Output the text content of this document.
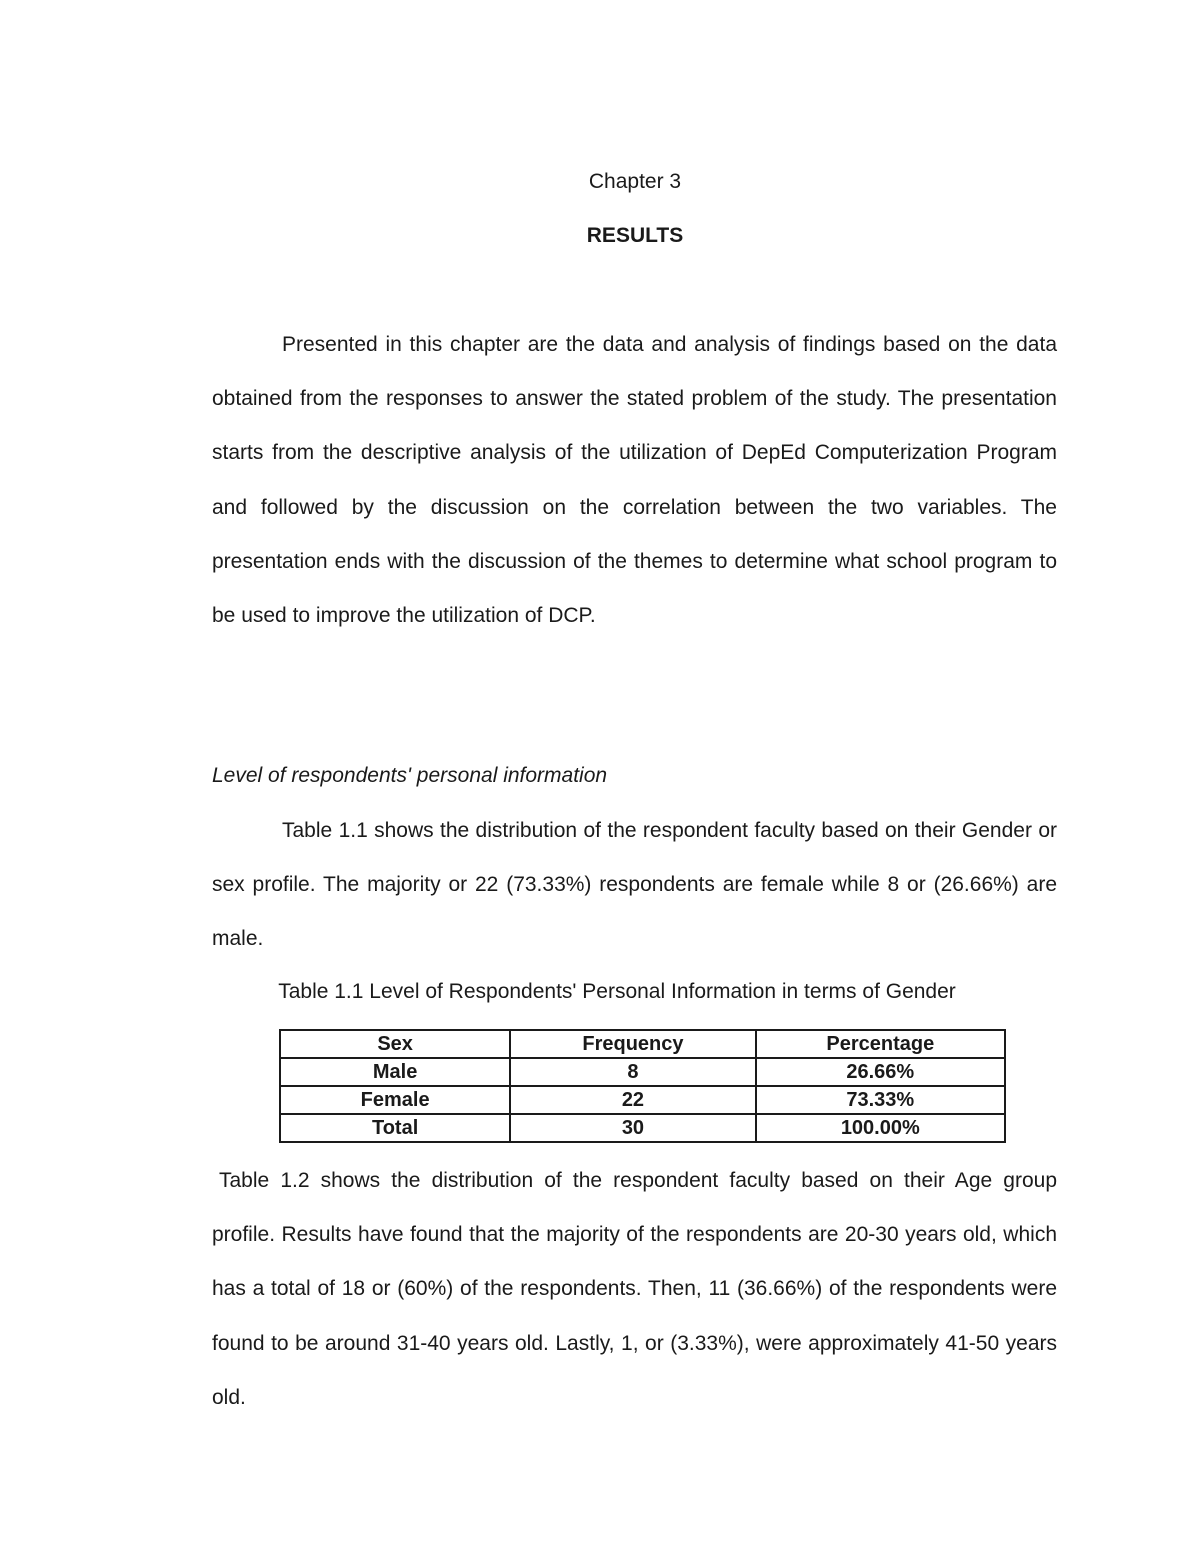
Chapter 3
RESULTS

Presented in this chapter are the data and analysis of findings based on the data obtained from the responses to answer the stated problem of the study. The presentation starts from the descriptive analysis of the utilization of DepEd Computerization Program and followed by the discussion on the correlation between the two variables. The presentation ends with the discussion of the themes to determine what school program to be used to improve the utilization of DCP.

Level of respondents' personal information

Table 1.1 shows the distribution of the respondent faculty based on their Gender or sex profile. The majority or 22 (73.33%) respondents are female while 8 or (26.66%) are male.

Table 1.1 Level of Respondents' Personal Information in terms of Gender
Sex	Frequency	Percentage
Male	8	26.66%
Female	22	73.33%
Total	30	100.00%

Table 1.2 shows the distribution of the respondent faculty based on their Age group profile. Results have found that the majority of the respondents are 20-30 years old, which has a total of 18 or (60%) of the respondents. Then, 11 (36.66%) of the respondents were found to be around 31-40 years old. Lastly, 1, or (3.33%), were approximately 41-50 years old.
